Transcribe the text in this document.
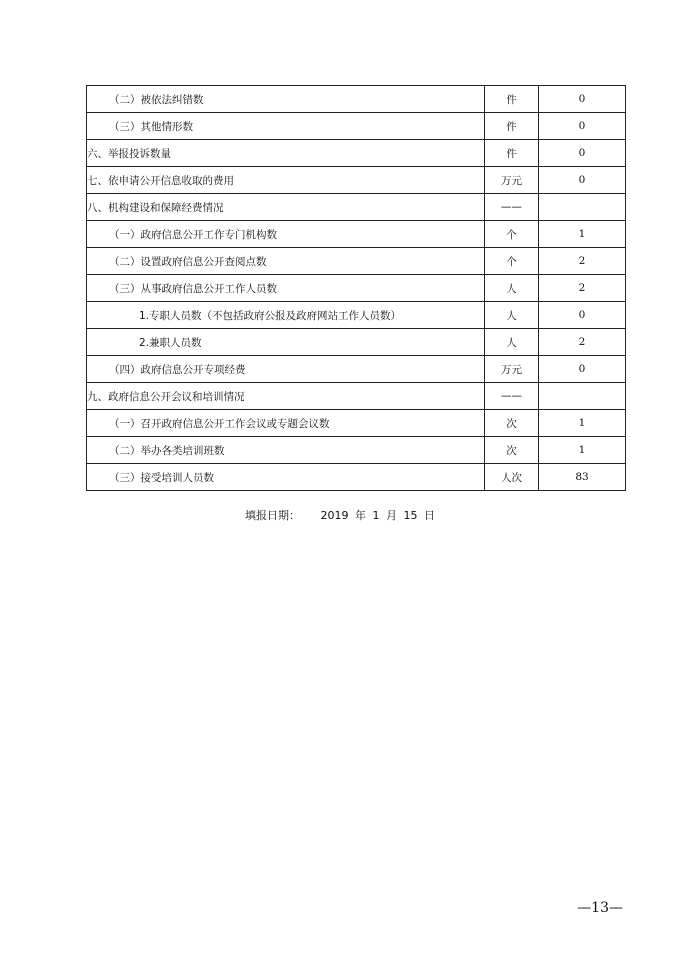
（二）被依法纠错数	件	0
（三）其他情形数	件	0
六、举报投诉数量	件	0
七、依申请公开信息收取的费用	万元	0
八、机构建设和保障经费情况	——	
（一）政府信息公开工作专门机构数	个	1
（二）设置政府信息公开查阅点数	个	2
（三）从事政府信息公开工作人员数	人	2
1.专职人员数（不包括政府公报及政府网站工作人员数）	人	0
2.兼职人员数	人	2
（四）政府信息公开专项经费	万元	0
九、政府信息公开会议和培训情况	——	
（一）召开政府信息公开工作会议或专题会议数	次	1
（二）举办各类培训班数	次	1
（三）接受培训人员数	人次	83
填报日期： 2019 年 1 月 15 日
—13—
